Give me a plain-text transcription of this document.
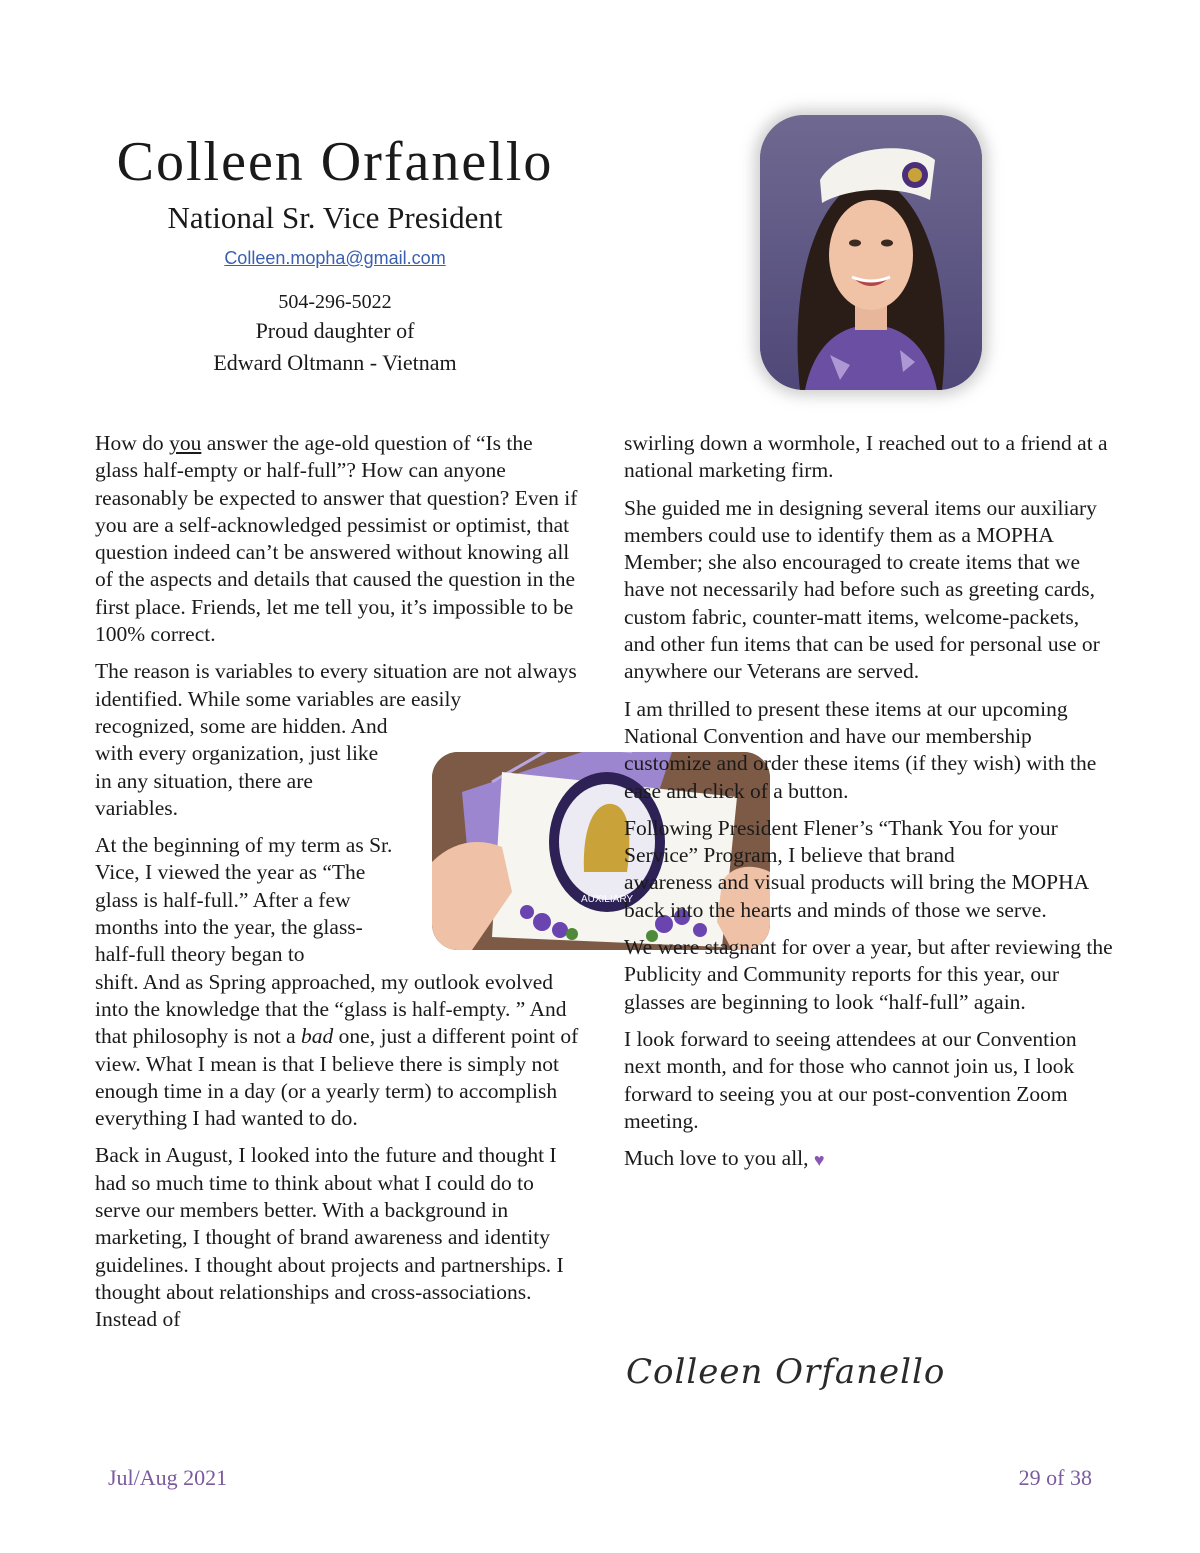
Colleen Orfanello
National Sr. Vice President
Colleen.mopha@gmail.com
504-296-5022
Proud daughter of
Edward Oltmann - Vietnam

How do you answer the age-old question of “Is the glass half-empty or half-full”? How can anyone reasonably be expected to answer that question? Even if you are a self-acknowledged pessimist or optimist, that question indeed can’t be answered without knowing all of the aspects and details that caused the question in the first place. Friends, let me tell you, it’s impossible to be 100% correct.

The reason is variables to every situation are not always identified. While some variables are easily

recognized, some are hidden. And with every organization, just like in any situation, there are variables.

At the beginning of my term as Sr. Vice, I viewed the year as “The glass is half-full.” After a few months into the year, the glass-half-full theory began to

shift. And as Spring approached, my outlook evolved into the knowledge that the “glass is half-empty. ” And that philosophy is not a bad one, just a different point of view. What I mean is that I believe there is simply not enough time in a day (or a yearly term) to accomplish everything I had wanted to do.

Back in August, I looked into the future and thought I had so much time to think about what I could do to serve our members better. With a background in marketing, I thought of brand awareness and identity guidelines. I thought about projects and partnerships. I thought about relationships and cross-associations. Instead of

AUXILIARY

swirling down a wormhole, I reached out to a friend at a national marketing firm.

She guided me in designing several items our auxiliary members could use to identify them as a MOPHA Member; she also encouraged to create items that we have not necessarily had before such as greeting cards, custom fabric, counter-matt items, welcome-packets, and other fun items that can be used for personal use or anywhere our Veterans are served.

I am thrilled to present these items at our upcoming National Convention and have our membership customize and order these items (if they wish) with the ease and click of a button.

Following President Flener’s “Thank You for your Service” Program, I believe that brand

awareness and visual products will bring the MOPHA back into the hearts and minds of those we serve.

We were stagnant for over a year, but after reviewing the Publicity and Community reports for this year, our glasses are beginning to look “half-full” again.

I look forward to seeing attendees at our Convention next month, and for those who cannot join us, I look forward to seeing you at our post-convention Zoom meeting.

Much love to you all, ♥

Colleen Orfanello
Jul/Aug 2021	29 of 38
